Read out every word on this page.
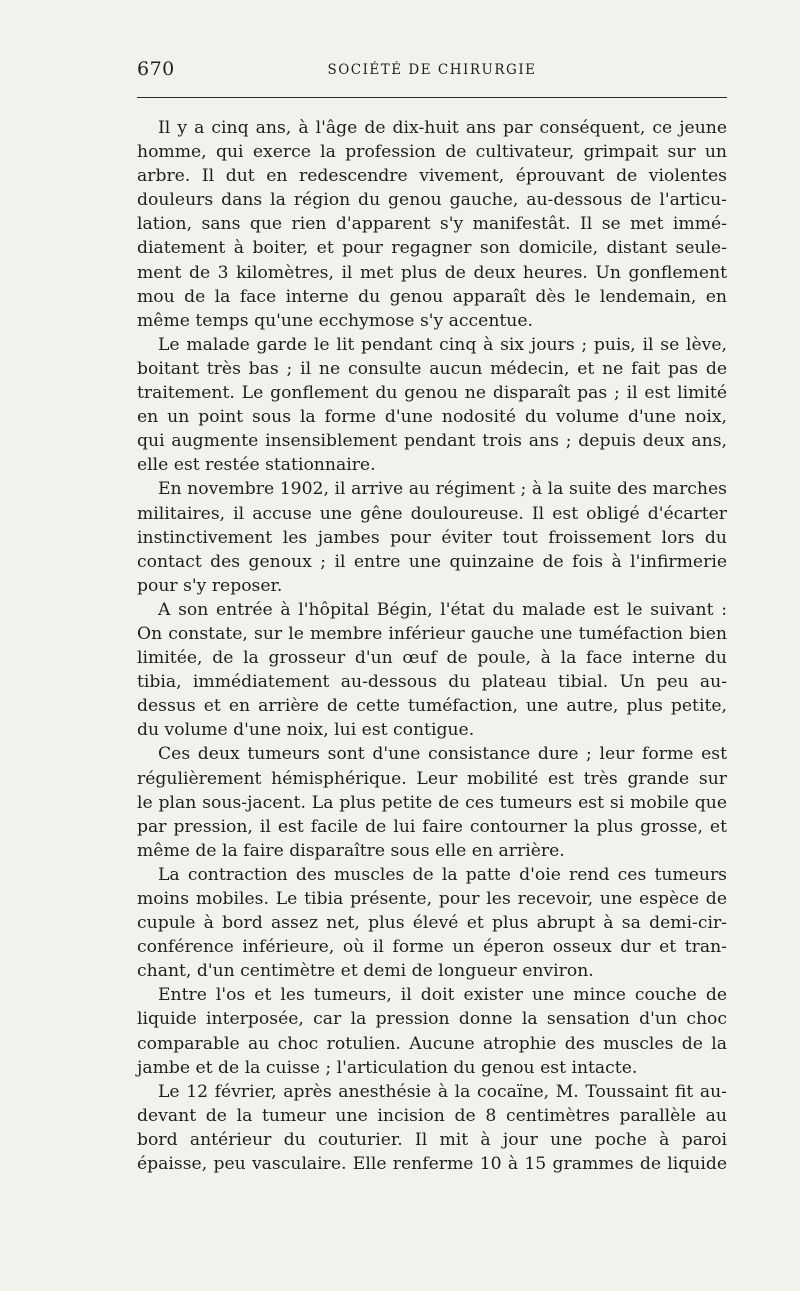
670	SOCIÉTÉ DE CHIRURGIE
Il y a cinq ans, à l'âge de dix-huit ans par conséquent, ce jeune
homme, qui exerce la profession de cultivateur, grimpait sur un
arbre. Il dut en redescendre vivement, éprouvant de violentes
douleurs dans la région du genou gauche, au-dessous de l'articu-
lation, sans que rien d'apparent s'y manifestât. Il se met immé-
diatement à boiter, et pour regagner son domicile, distant seule-
ment de 3 kilomètres, il met plus de deux heures. Un gonflement
mou de la face interne du genou apparaît dès le lendemain, en
même temps qu'une ecchymose s'y accentue.
Le malade garde le lit pendant cinq à six jours ; puis, il se lève,
boitant très bas ; il ne consulte aucun médecin, et ne fait pas de
traitement. Le gonflement du genou ne disparaît pas ; il est limité
en un point sous la forme d'une nodosité du volume d'une noix,
qui augmente insensiblement pendant trois ans ; depuis deux ans,
elle est restée stationnaire.
En novembre 1902, il arrive au régiment ; à la suite des marches
militaires, il accuse une gêne douloureuse. Il est obligé d'écarter
instinctivement les jambes pour éviter tout froissement lors du
contact des genoux ; il entre une quinzaine de fois à l'infirmerie
pour s'y reposer.
A son entrée à l'hôpital Bégin, l'état du malade est le suivant :
On constate, sur le membre inférieur gauche une tuméfaction bien
limitée, de la grosseur d'un œuf de poule, à la face interne du
tibia, immédiatement au-dessous du plateau tibial. Un peu au-
dessus et en arrière de cette tuméfaction, une autre, plus petite,
du volume d'une noix, lui est contigue.
Ces deux tumeurs sont d'une consistance dure ; leur forme est
régulièrement hémisphérique. Leur mobilité est très grande sur
le plan sous-jacent. La plus petite de ces tumeurs est si mobile que
par pression, il est facile de lui faire contourner la plus grosse, et
même de la faire disparaître sous elle en arrière.
La contraction des muscles de la patte d'oie rend ces tumeurs
moins mobiles. Le tibia présente, pour les recevoir, une espèce de
cupule à bord assez net, plus élevé et plus abrupt à sa demi-cir-
conférence inférieure, où il forme un éperon osseux dur et tran-
chant, d'un centimètre et demi de longueur environ.
Entre l'os et les tumeurs, il doit exister une mince couche de
liquide interposée, car la pression donne la sensation d'un choc
comparable au choc rotulien. Aucune atrophie des muscles de la
jambe et de la cuisse ; l'articulation du genou est intacte.
Le 12 février, après anesthésie à la cocaïne, M. Toussaint fit au-
devant de la tumeur une incision de 8 centimètres parallèle au
bord antérieur du couturier. Il mit à jour une poche à paroi
épaisse, peu vasculaire. Elle renferme 10 à 15 grammes de liquide
